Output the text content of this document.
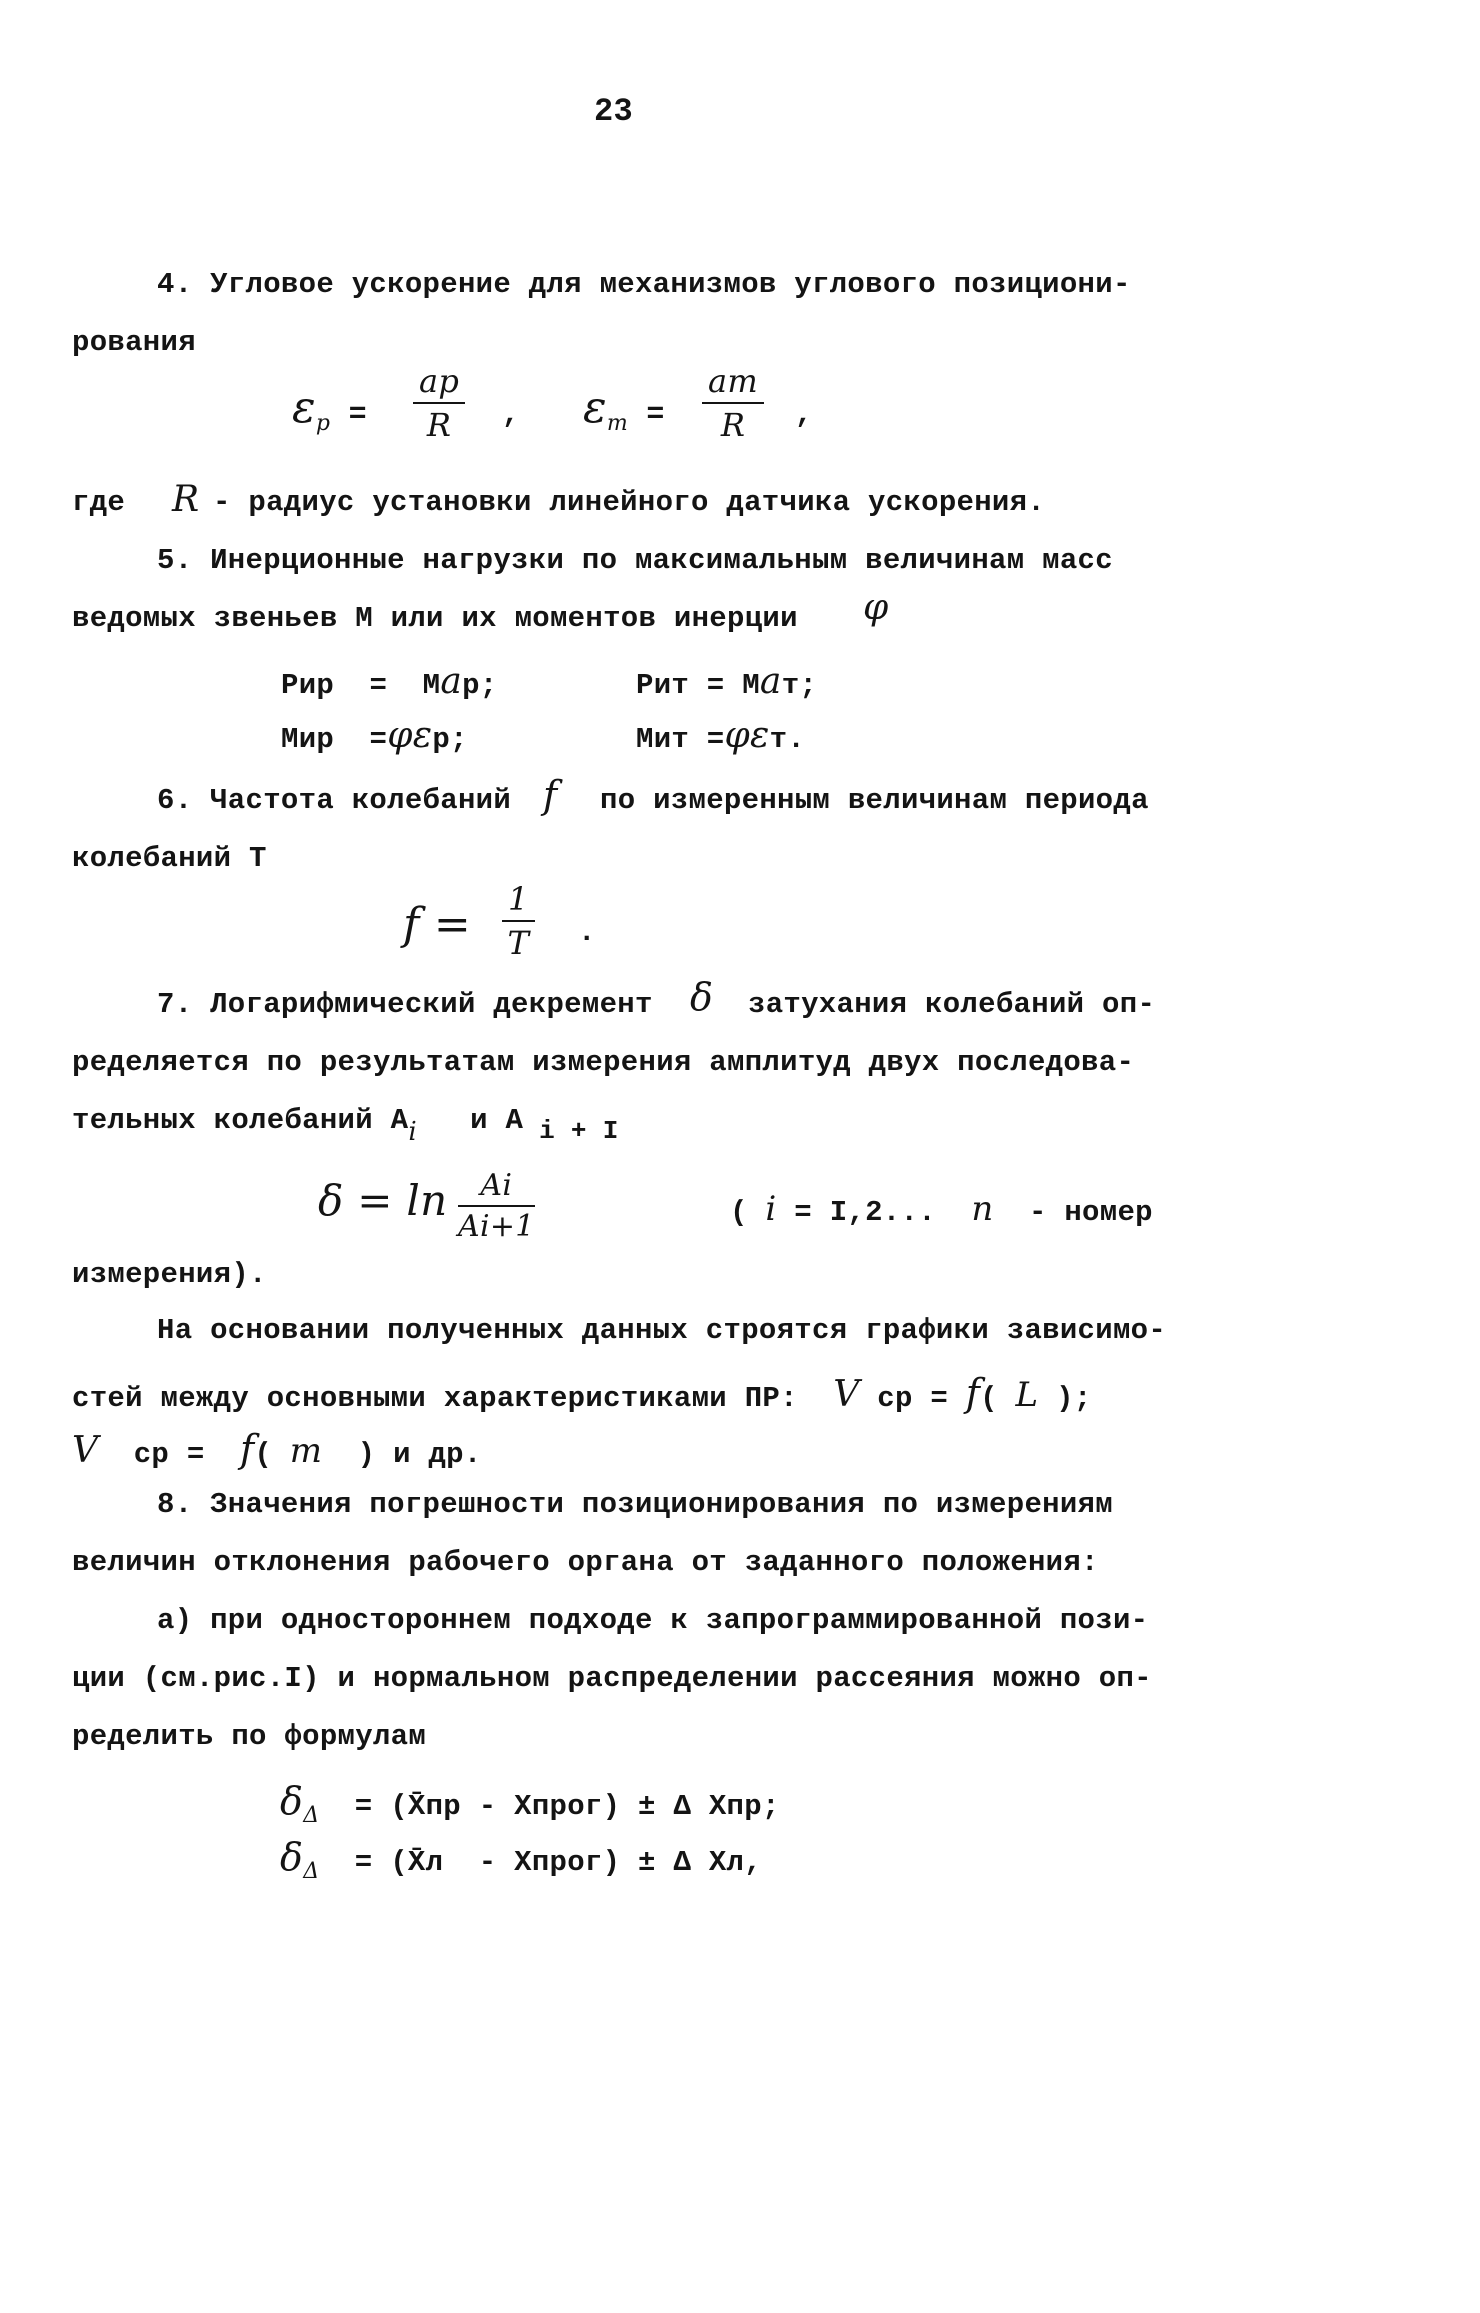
23
4. Угловое ускорение для механизмов углового позициони-
рования
εр =
aр
R	, εт =
aт
R	,
где R - радиус установки линейного датчика ускорения.
5. Инерционные нагрузки по максимальным величинам масс
ведомых звеньев М или их моментов инерции φ
Рир  =  Мaр;	Рит = Мaт;
Мир  =φεр;	Мит =φεт.
6. Частота колебаний f по измеренным величинам периода
колебаний Т
$f = \frac{1}{T}$ .
7. Логарифмический декремент δ затухания колебаний оп-
ределяется по результатам измерения амплитуд двух последова-
тельных колебаний Аi и А i + I
$\delta = \ln \frac{Ai}{Ai+1}$	( i = I,2... n - номер
измерения).
На основании полученных данных строятся графики зависимо-
стей между основными характеристиками ПР: V ср = f( L );
V ср = f( m ) и др.
8. Значения погрешности позиционирования по измерениям
величин отклонения рабочего органа от заданного положения:
а) при одностороннем подходе к запрограммированной пози-
ции (см.рис.I) и нормальном распределении рассеяния можно оп-
ределить по формулам
$\delta_\Delta$ = (X̄пр - Хпрог) ± Δ Хпр;
$\delta_\Delta$ = (X̄л  - Хпрог) ± Δ Хл,
